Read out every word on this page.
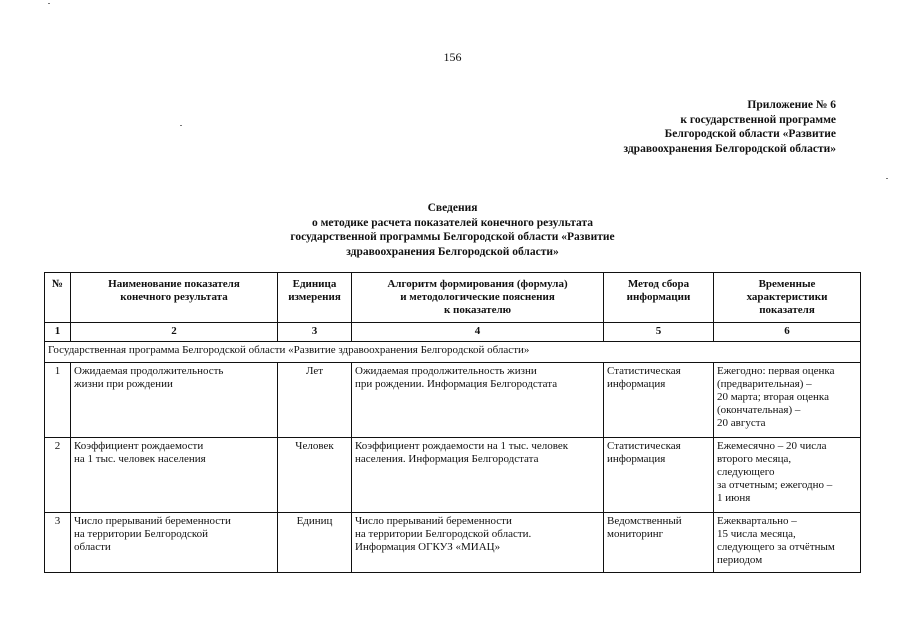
156
Приложение № 6
к государственной программе
Белгородской области «Развитие
здравоохранения Белгородской области»
Сведения
о методике расчета показателей конечного результата
государственной программы Белгородской области «Развитие
здравоохранения Белгородской области»
№	Наименование показателя
конечного результата	Единица
измерения	Алгоритм формирования (формула)
и методологические пояснения
к показателю	Метод сбора
информации	Временные
характеристики
показателя

1	2	3	4	5	6
Государственная программа Белгородской области «Развитие здравоохранения Белгородской области»					
1	Ожидаемая продолжительность
жизни при рождении	Лет	Ожидаемая продолжительность жизни
при рождении. Информация Белгородстата	Статистическая
информация	Ежегодно: первая оценка
(предварительная) –
20 марта; вторая оценка
(окончательная) –
20 августа

2	Коэффициент рождаемости
на 1 тыс. человек населения	Человек	Коэффициент рождаемости на 1 тыс. человек
населения. Информация Белгородстата	Статистическая
информация	Ежемесячно – 20 числа
второго месяца,
следующего
за отчетным; ежегодно –
1 июня

3	Число прерываний беременности
на территории Белгородской
области	Единиц	Число прерываний беременности
на территории Белгородской области.
Информация ОГКУЗ «МИАЦ»	Ведомственный
мониторинг	Ежеквартально –
15 числа месяца,
следующего за отчётным
периодом
